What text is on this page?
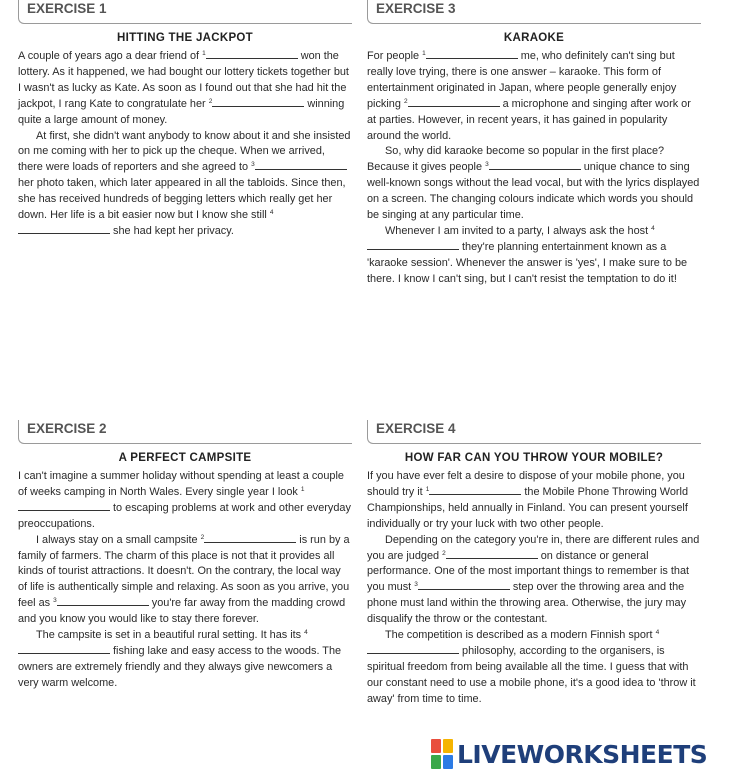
EXERCISE 1
HITTING THE JACKPOT

A couple of years ago a dear friend of $^1$	won the lottery. As it happened, we had bought our lottery tickets together but I wasn't as lucky as Kate. As soon as I found out that she had hit the jackpot, I rang Kate to congratulate her $^2$	winning quite a large amount of money.

At first, she didn't want anybody to know about it and she insisted on me coming with her to pick up the cheque. When we arrived, there were loads of reporters and she agreed to $^3$ her photo taken, which later appeared in all the tabloids. Since then, she has received hundreds of begging letters which really get her down. Her life is a bit easier now but I know she still $^4$ she had kept her privacy.

EXERCISE 3
KARAOKE

For people $^1$	me, who definitely can't sing but really love trying, there is one answer – karaoke. This form of entertainment originated in Japan, where people generally enjoy picking $^2$	a microphone and singing after work or at parties. However, in recent years, it has gained in popularity around the world.

So, why did karaoke become so popular in the first place? Because it gives people $^3$	unique chance to sing well-known songs without the lead vocal, but with the lyrics displayed on a screen. The changing colours indicate which words you should be singing at any particular time.

Whenever I am invited to a party, I always ask the host $^4$ they're planning entertainment known as a 'karaoke session'. Whenever the answer is 'yes', I make sure to be there. I know I can't sing, but I can't resist the temptation to do it!

EXERCISE 2
A PERFECT CAMPSITE

I can't imagine a summer holiday without spending at least a couple of weeks camping in North Wales. Every single year I look $^1$ to escaping problems at work and other everyday preoccupations.

I always stay on a small campsite $^2$	is run by a family of farmers. The charm of this place is not that it provides all kinds of tourist attractions. It doesn't. On the contrary, the local way of life is authentically simple and relaxing. As soon as you arrive, you feel as $^3$	you're far away from the madding crowd and you know you would like to stay there forever.

The campsite is set in a beautiful rural setting. It has its $^4$ fishing lake and easy access to the woods. The owners are extremely friendly and they always give newcomers a very warm welcome.

EXERCISE 4
HOW FAR CAN YOU THROW YOUR MOBILE?

If you have ever felt a desire to dispose of your mobile phone, you should try it $^1$	the Mobile Phone Throwing World Championships, held annually in Finland. You can present yourself individually or try your luck with two other people.

Depending on the category you're in, there are different rules and you are judged $^2$	on distance or general performance. One of the most important things to remember is that you must $^3$	step over the throwing area and the phone must land within the throwing area. Otherwise, the jury may disqualify the throw or the contestant.

The competition is described as a modern Finnish sport $^4$ philosophy, according to the organisers, is spiritual freedom from being available all the time. I guess that with our constant need to use a mobile phone, it's a good idea to 'throw it away' from time to time.

LIVEWORKSHEETS
